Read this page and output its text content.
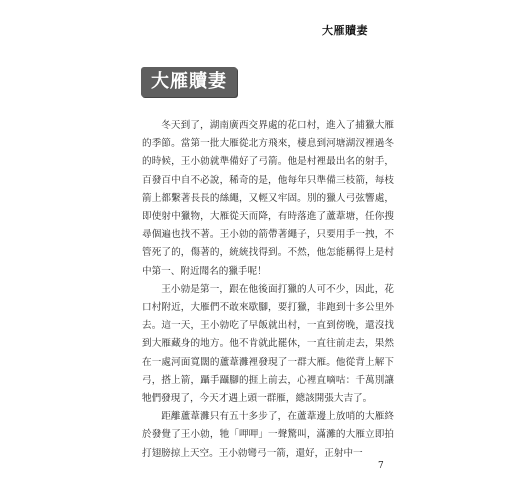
大雁贖妻
大雁贖妻

冬天到了，湖南廣西交界處的花口村，進入了捕獵大雁的季節。當第一批大雁從北方飛來，棲息到河塘湖汊裡過冬的時候，王小勍就準備好了弓箭。他是村裡最出名的射手，百發百中自不必說，稀奇的是，他每年只準備三枝箭，每枝箭上都繫著長長的絲繩，又輕又牢固。別的獵人弓弦響處，即使射中獵物，大雁從天而降，有時落進了蘆葦塘，任你搜尋個遍也找不著。王小勍的箭帶著繩子，只要用手一拽，不管死了的，傷著的，統統找得到。不然，他怎能稱得上是村中第一、附近聞名的獵手呢！

王小勍是第一，跟在他後面打獵的人可不少，因此，花口村附近，大雁們不敢來歇腳，要打獵，非跑到十多公里外去。這一天，王小勍吃了早飯就出村，一直到傍晚，還沒找到大雁藏身的地方。他不肯就此罷休，一直往前走去，果然在一處河面寬闊的蘆葦灘裡發現了一群大雁。他從背上解下弓，搭上箭，躡手躡腳的捱上前去，心裡直嘀咕：千萬別讓牠們發現了，今天才遇上頭一群雁，總該開張大吉了。

距離蘆葦灘只有五十多步了，在蘆葦邊上放哨的大雁終於發覺了王小勍，牠「呷呷」一聲驚叫，滿灘的大雁立即拍打翅膀掠上天空。王小勍彎弓一箭，還好，正射中一

7
